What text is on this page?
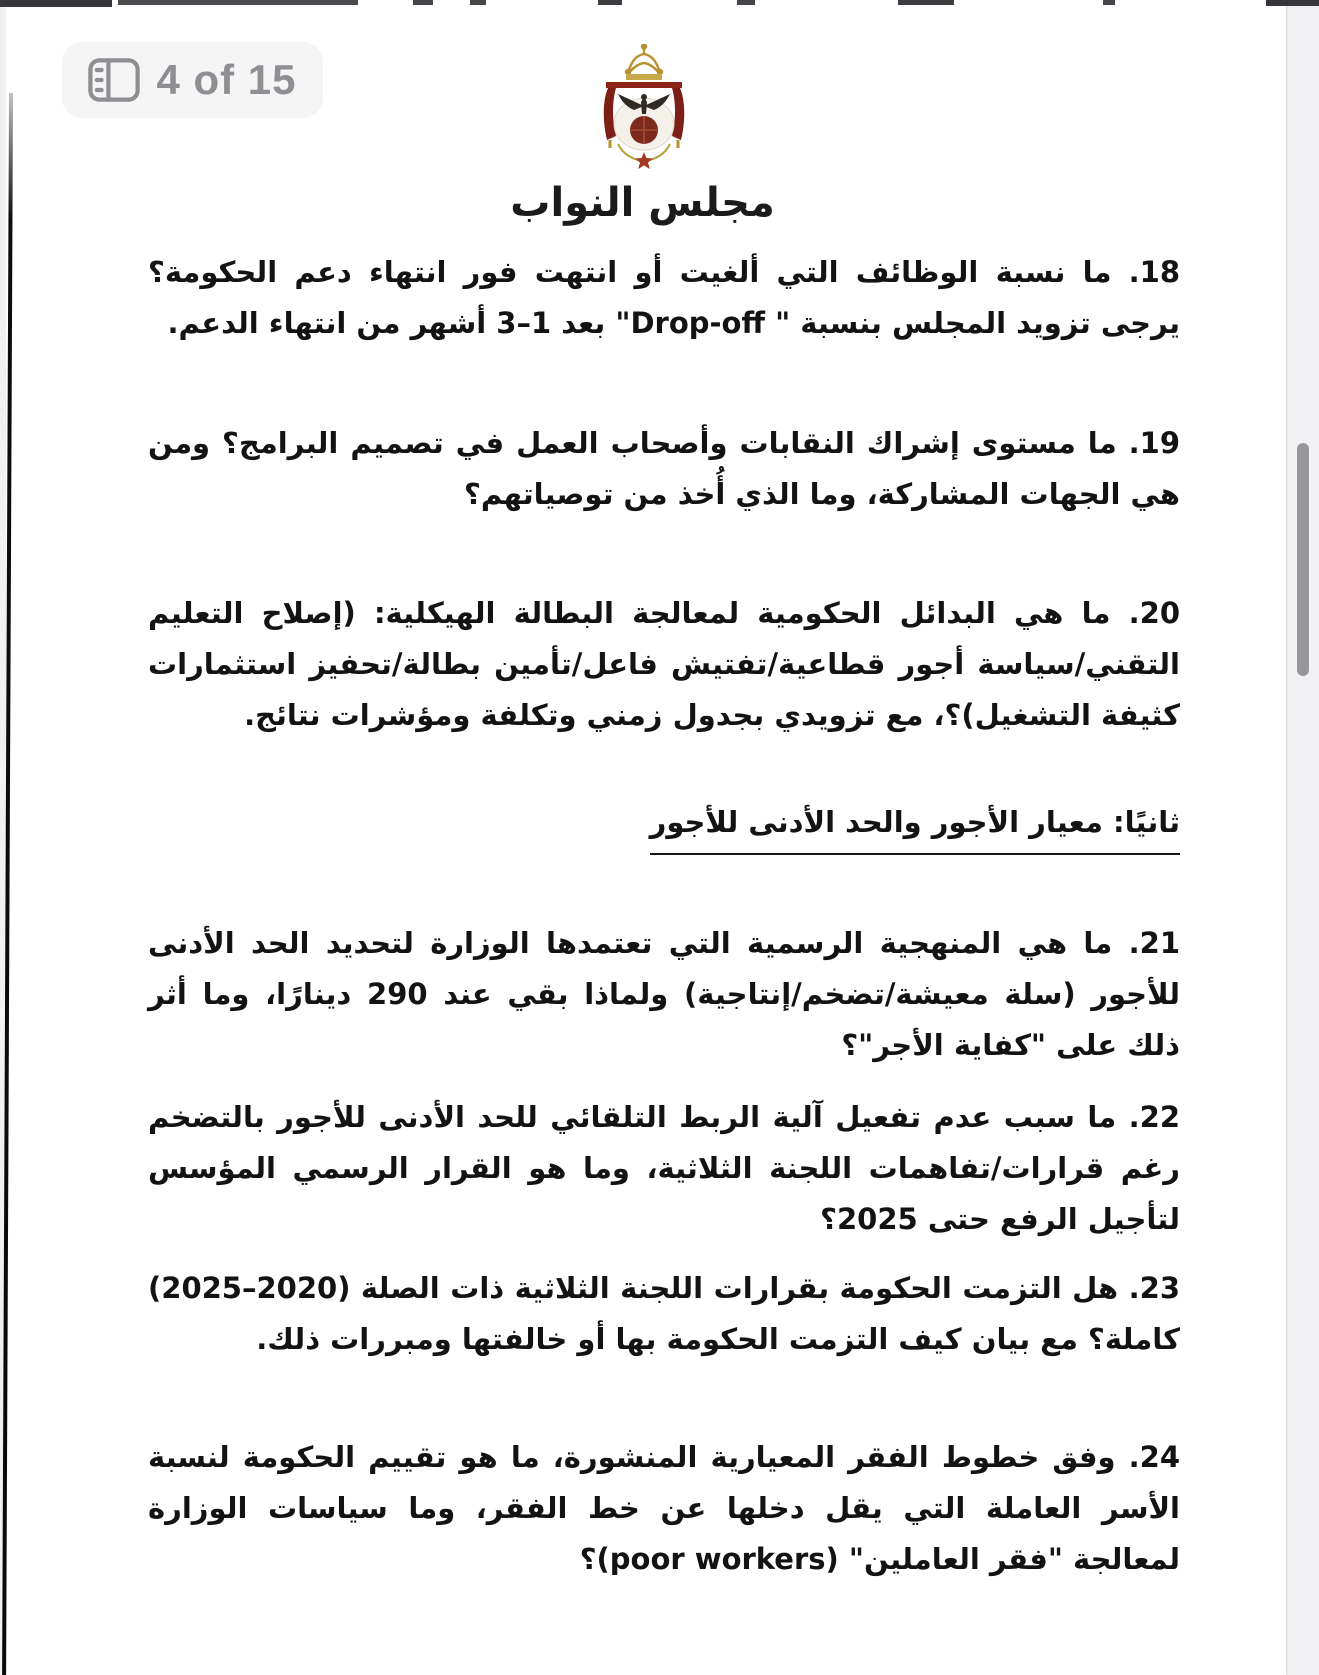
4 of 15
مجلس النواب
18. ما نسبة الوظائف التي ألغيت أو انتهت فور انتهاء دعم الحكومة؟ يرجى تزويد المجلس بنسبة " Drop-off" بعد 1–3 أشهر من انتهاء الدعم.
19. ما مستوى إشراك النقابات وأصحاب العمل في تصميم البرامج؟ ومن هي الجهات المشاركة، وما الذي أُخذ من توصياتهم؟
20. ما هي البدائل الحكومية لمعالجة البطالة الهيكلية: (إصلاح التعليم التقني/سياسة أجور قطاعية/تفتيش فاعل/تأمين بطالة/تحفيز استثمارات كثيفة التشغيل)؟، مع تزويدي بجدول زمني وتكلفة ومؤشرات نتائج.
ثانيًا: معيار الأجور والحد الأدنى للأجور
21. ما هي المنهجية الرسمية التي تعتمدها الوزارة لتحديد الحد الأدنى للأجور (سلة معيشة/تضخم/إنتاجية) ولماذا بقي عند 290 دينارًا، وما أثر ذلك على "كفاية الأجر"؟
22. ما سبب عدم تفعيل آلية الربط التلقائي للحد الأدنى للأجور بالتضخم رغم قرارات/تفاهمات اللجنة الثلاثية، وما هو القرار الرسمي المؤسس لتأجيل الرفع حتى 2025؟
23. هل التزمت الحكومة بقرارات اللجنة الثلاثية ذات الصلة (2020–2025) كاملة؟ مع بيان كيف التزمت الحكومة بها أو خالفتها ومبررات ذلك.
24. وفق خطوط الفقر المعيارية المنشورة، ما هو تقييم الحكومة لنسبة الأسر العاملة التي يقل دخلها عن خط الفقر، وما سياسات الوزارة لمعالجة "فقر العاملين" (poor workers)؟
